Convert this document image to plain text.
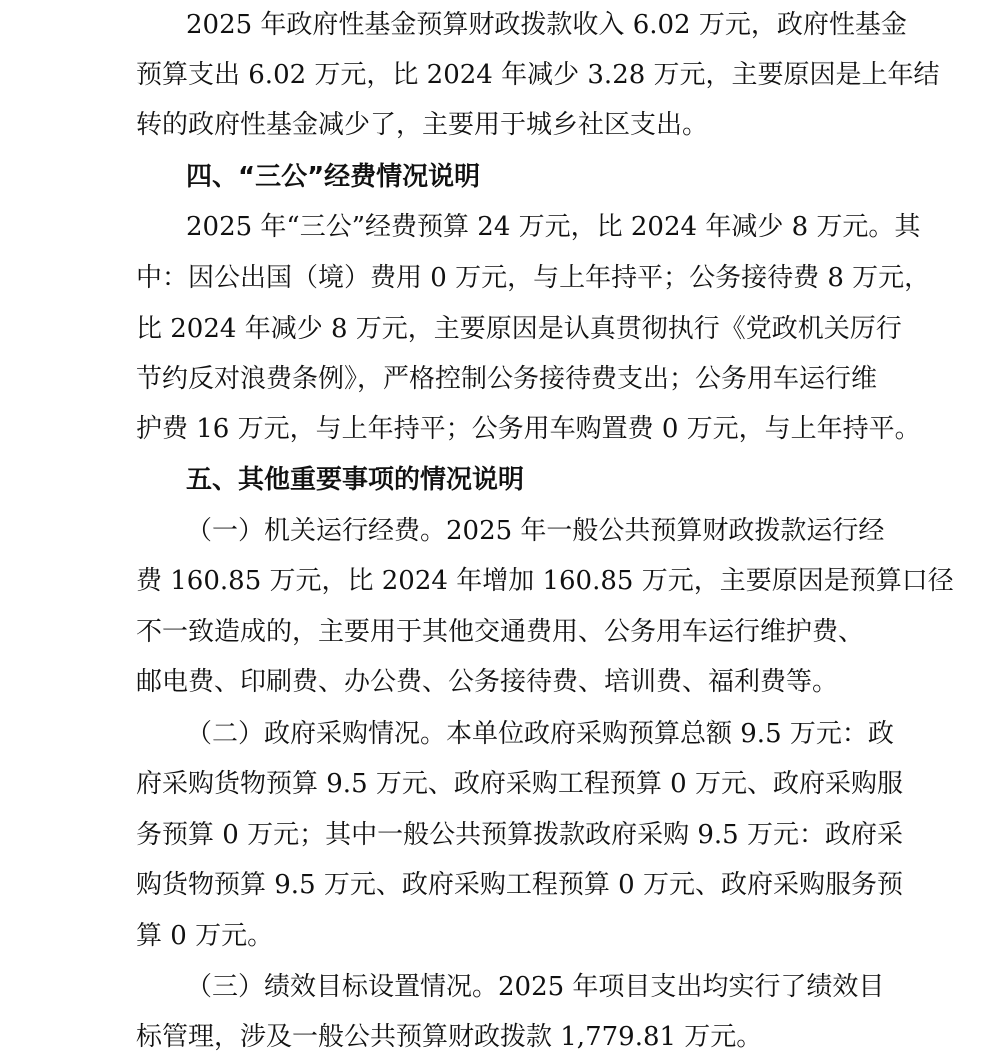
2025 年政府性基金预算财政拨款收入 6.02 万元，政府性基金
预算支出 6.02 万元，比 2024 年减少 3.28 万元，主要原因是上年结
转的政府性基金减少了，主要用于城乡社区支出。
四、“三公”经费情况说明
2025 年“三公”经费预算 24 万元，比 2024 年减少 8 万元。其
中：因公出国（境）费用 0 万元，与上年持平；公务接待费 8 万元，
比 2024 年减少 8 万元，主要原因是认真贯彻执行《党政机关厉行
节约反对浪费条例》，严格控制公务接待费支出；公务用车运行维
护费 16 万元，与上年持平；公务用车购置费 0 万元，与上年持平。
五、其他重要事项的情况说明
（一）机关运行经费。2025 年一般公共预算财政拨款运行经
费 160.85 万元，比 2024 年增加 160.85 万元，主要原因是预算口径
不一致造成的，主要用于其他交通费用、公务用车运行维护费、
邮电费、印刷费、办公费、公务接待费、培训费、福利费等。
（二）政府采购情况。本单位政府采购预算总额 9.5 万元：政
府采购货物预算 9.5 万元、政府采购工程预算 0 万元、政府采购服
务预算 0 万元；其中一般公共预算拨款政府采购 9.5 万元：政府采
购货物预算 9.5 万元、政府采购工程预算 0 万元、政府采购服务预
算 0 万元。
（三）绩效目标设置情况。2025 年项目支出均实行了绩效目
标管理，涉及一般公共预算财政拨款 1,779.81 万元。
